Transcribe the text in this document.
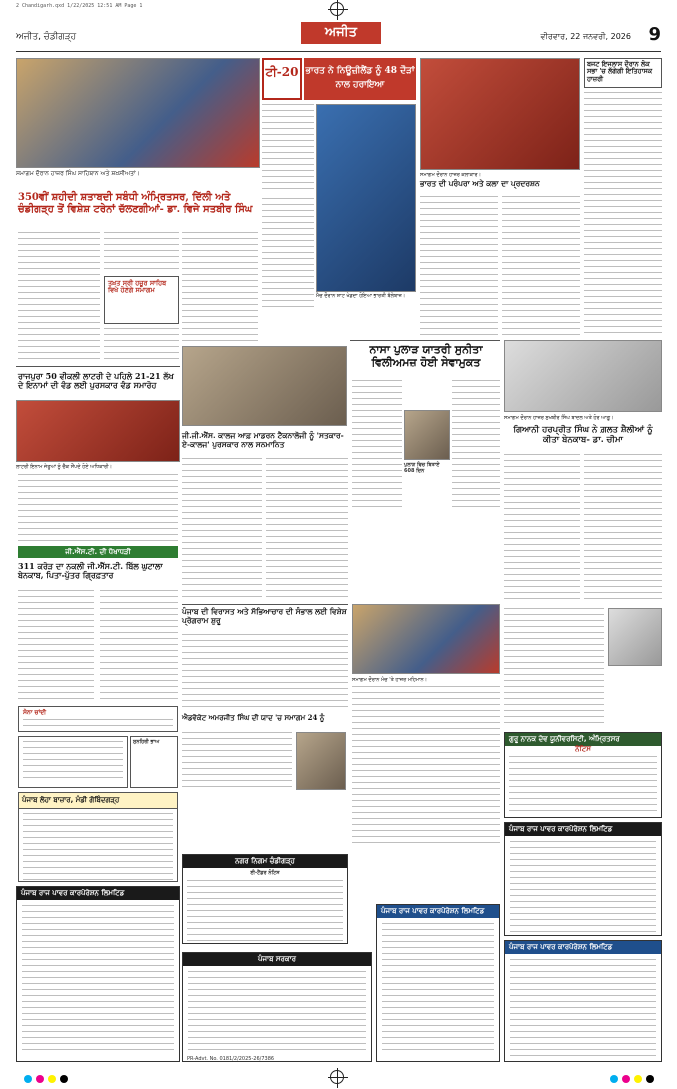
2 Chandigarh.qxd 1/22/2025 12:51 AM Page 1
ਅਜੀਤ, ਚੰਡੀਗੜ੍ਹ	ਅਜੀਤ	ਵੀਰਵਾਰ, 22 ਜਨਵਰੀ, 2026 9
ਸਮਾਗਮ ਦੌਰਾਨ ਹਾਜ਼ਰ ਸਿੰਘ ਸਾਹਿਬਾਨ ਅਤੇ ਸ਼ਖ਼ਸੀਅਤਾਂ।
350ਵੀਂ ਸ਼ਹੀਦੀ ਸ਼ਤਾਬਦੀ ਸਬੰਧੀ ਅੰਮ੍ਰਿਤਸਰ, ਦਿੱਲੀ ਅਤੇ ਚੰਡੀਗੜ੍ਹ ਤੋਂ ਵਿਸ਼ੇਸ਼ ਟਰੇਨਾਂ ਚੱਲਣਗੀਆਂ- ਡਾ. ਵਿਜੇ ਸਤਬੀਰ ਸਿੰਘ
ਤਖ਼ਤ ਸ੍ਰੀ ਹਜ਼ੂਰ ਸਾਹਿਬ ਵਿਖੇ ਹੋਣਗੇ ਸਮਾਗਮ
ਰਾਜਪੁਰਾ 50 ਵੀਕਲੀ ਲਾਟਰੀ ਦੇ ਪਹਿਲੇ 21-21 ਲੱਖ ਦੇ ਇਨਾਮਾਂ ਦੀ ਵੰਡ ਲਈ ਪੁਰਸਕਾਰ ਵੰਡ ਸਮਾਰੋਹ
ਲਾਟਰੀ ਇਨਾਮ ਜੇਤੂਆਂ ਨੂੰ ਚੈੱਕ ਸੌਂਪਦੇ ਹੋਏ ਅਧਿਕਾਰੀ।
ਜੀ.ਐੱਸ.ਟੀ. ਦੀ ਧੋਖਾਧੜੀ
311 ਕਰੋੜ ਦਾ ਨਕਲੀ ਜੀ.ਐੱਸ.ਟੀ. ਬਿੱਲ ਘੁਟਾਲਾ ਬੇਨਕਾਬ, ਪਿਤਾ-ਪੁੱਤਰ ਗ੍ਰਿਫ਼ਤਾਰ
ਸੋਨਾ ਚਾਂਦੀ
ਸੁਨਹਿਰੀ ਭਾਅ
ਪੰਜਾਬ ਲੋਹਾ ਬਾਜ਼ਾਰ, ਮੰਡੀ ਗੋਬਿੰਦਗੜ੍ਹ
ਪੰਜਾਬ ਰਾਜ ਪਾਵਰ ਕਾਰਪੋਰੇਸ਼ਨ ਲਿਮਟਿਡ
ਟੀ-20 ਭਾਰਤ ਨੇ ਨਿਊਜ਼ੀਲੈਂਡ ਨੂੰ 48 ਦੌੜਾਂ ਨਾਲ ਹਰਾਇਆ
ਮੈਚ ਦੌਰਾਨ ਸ਼ਾਟ ਖੇਡਦਾ ਹੋਇਆ ਭਾਰਤੀ ਬੱਲੇਬਾਜ਼।
ਜੀ.ਜੀ.ਐੱਸ. ਕਾਲਜ ਆਫ਼ ਮਾਡਰਨ ਟੈਕਨਾਲੋਜੀ ਨੂੰ 'ਸਤਕਾਰ-ਏ-ਕਾਲਜ' ਪੁਰਸਕਾਰ ਨਾਲ ਸਨਮਾਨਿਤ
ਪੰਜਾਬ ਦੀ ਵਿਰਾਸਤ ਅਤੇ ਸੱਭਿਆਚਾਰ ਦੀ ਸੰਭਾਲ ਲਈ ਵਿਸ਼ੇਸ਼ ਪ੍ਰੋਗਰਾਮ ਸ਼ੁਰੂ
ਐਡਵੋਕੇਟ ਅਮਰਜੀਤ ਸਿੰਘ ਦੀ ਯਾਦ 'ਚ ਸਮਾਗਮ 24 ਨੂੰ
ਨਗਰ ਨਿਗਮ ਚੰਡੀਗੜ੍ਹ
ਈ-ਟੈਂਡਰ ਨੋਟਿਸ
ਪੰਜਾਬ ਸਰਕਾਰ
PR-Advt. No. 0181/2/2025-26/7386
ਨਾਸਾ ਪੁਲਾੜ ਯਾਤਰੀ ਸੁਨੀਤਾ ਵਿਲੀਅਮਜ਼ ਹੋਈ ਸੇਵਾਮੁਕਤ
ਪੁਲਾੜ ਵਿਚ ਬਿਤਾਏ 608 ਦਿਨ
ਸਮਾਗਮ ਦੌਰਾਨ ਮੰਚ 'ਤੇ ਹਾਜ਼ਰ ਮਹਿਮਾਨ।
ਪੰਜਾਬ ਰਾਜ ਪਾਵਰ ਕਾਰਪੋਰੇਸ਼ਨ ਲਿਮਟਿਡ
ਸਮਾਗਮ ਦੌਰਾਨ ਹਾਜ਼ਰ ਕਲਾਕਾਰ।
ਭਾਰਤ ਦੀ ਪਰੰਪਰਾ ਅਤੇ ਕਲਾ ਦਾ ਪ੍ਰਦਰਸ਼ਨ
ਬਜਟ ਇਜਲਾਸ ਦੌਰਾਨ ਲੋਕ ਸਭਾ 'ਚ ਲੱਗੇਗੀ ਇਤਿਹਾਸਕ ਹਾਜ਼ਰੀ
ਸਮਾਗਮ ਦੌਰਾਨ ਹਾਜ਼ਰ ਸੁਖਬੀਰ ਸਿੰਘ ਬਾਦਲ ਅਤੇ ਹੋਰ ਆਗੂ।
ਗਿਆਨੀ ਹਰਪ੍ਰੀਤ ਸਿੰਘ ਨੇ ਗ਼ਲਤ ਸ਼ੈਲੀਆਂ ਨੂੰ ਕੀਤਾ ਬੇਨਕਾਬ- ਡਾ. ਚੀਮਾ
ਗੁਰੂ ਨਾਨਕ ਦੇਵ ਯੂਨੀਵਰਸਿਟੀ, ਅੰਮ੍ਰਿਤਸਰ
ਨੋਟਿਸ
ਪੰਜਾਬ ਰਾਜ ਪਾਵਰ ਕਾਰਪੋਰੇਸ਼ਨ ਲਿਮਟਿਡ
ਪੰਜਾਬ ਰਾਜ ਪਾਵਰ ਕਾਰਪੋਰੇਸ਼ਨ ਲਿਮਟਿਡ
